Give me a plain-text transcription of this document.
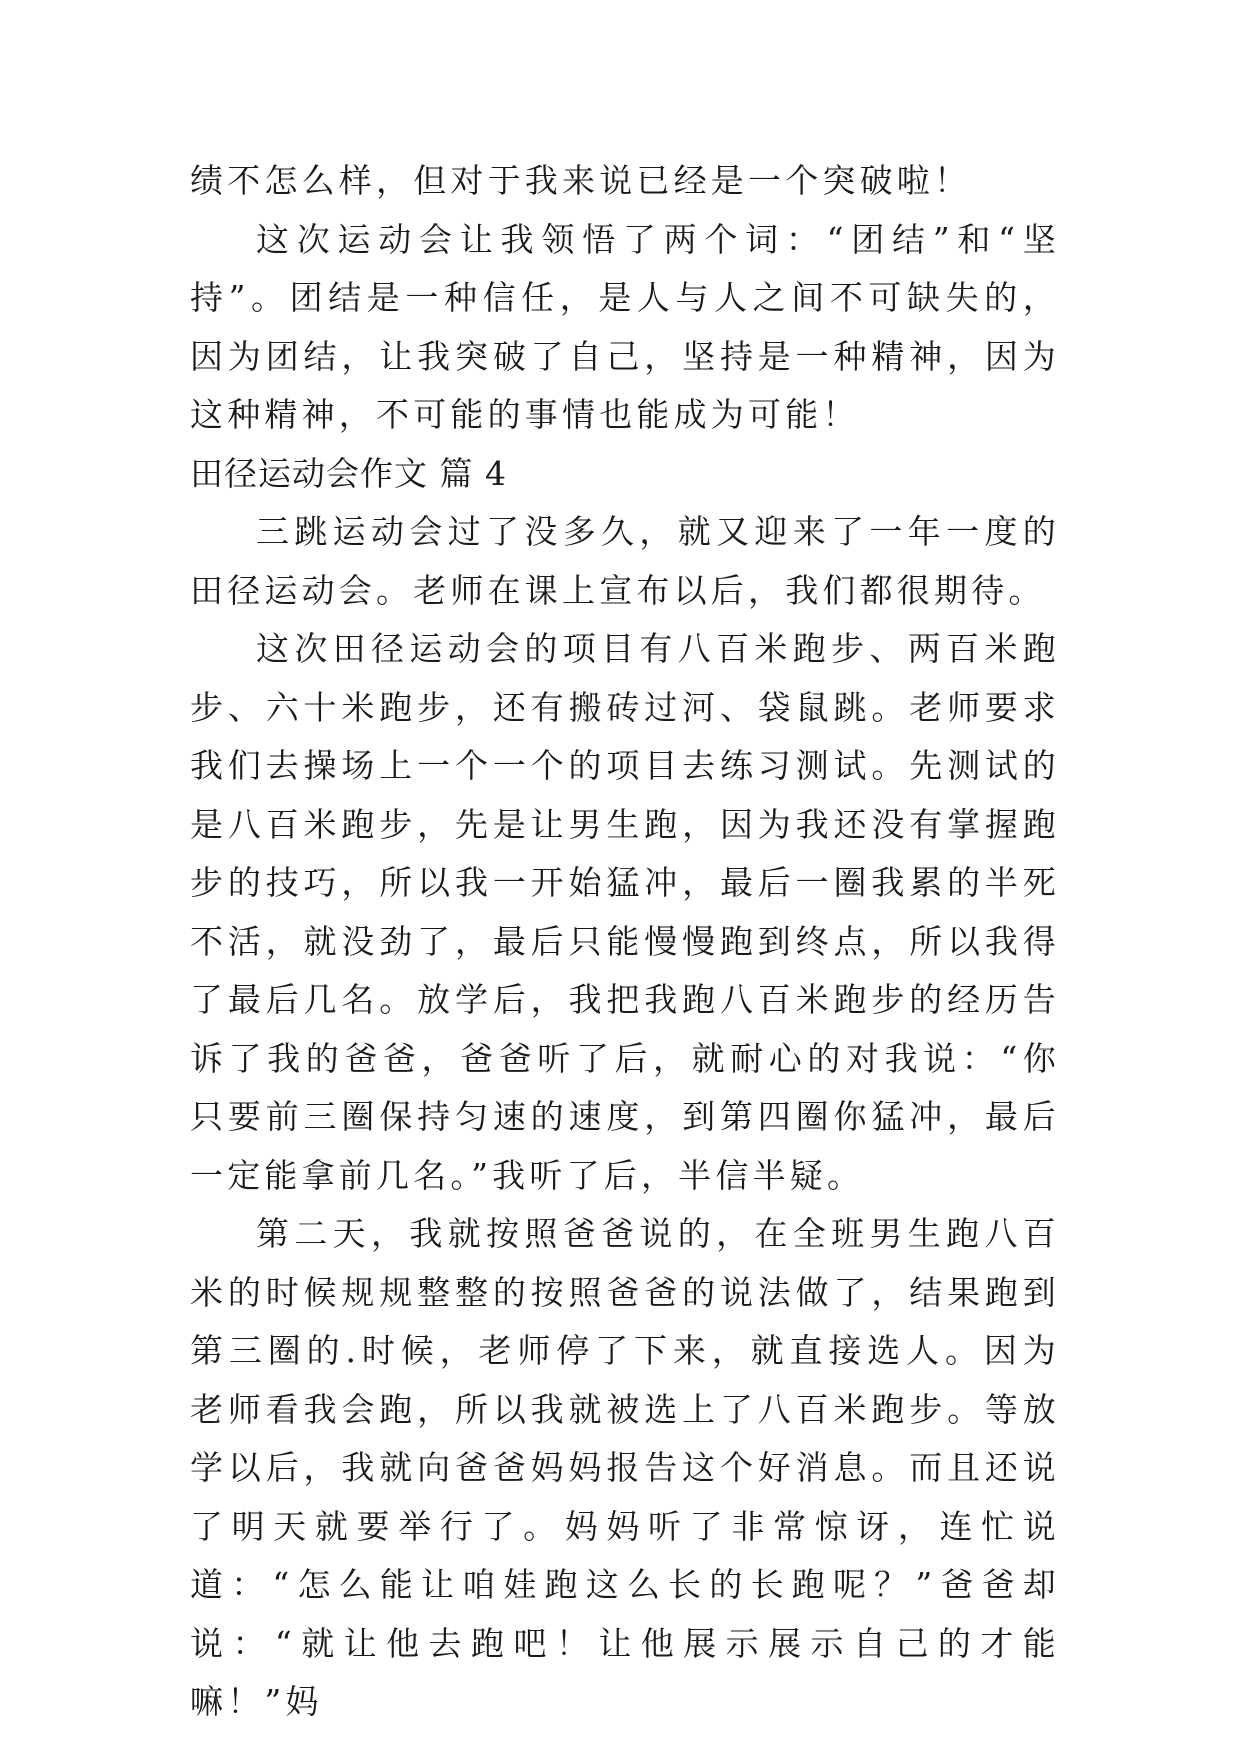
绩不怎么样，但对于我来说已经是一个突破啦！

这次运动会让我领悟了两个词：“团结”和“坚持”。团结是一种信任，是人与人之间不可缺失的，因为团结，让我突破了自己，坚持是一种精神，因为这种精神，不可能的事情也能成为可能！

田径运动会作文 篇 4

三跳运动会过了没多久，就又迎来了一年一度的田径运动会。老师在课上宣布以后，我们都很期待。

这次田径运动会的项目有八百米跑步、两百米跑步、六十米跑步，还有搬砖过河、袋鼠跳。老师要求我们去操场上一个一个的项目去练习测试。先测试的是八百米跑步，先是让男生跑，因为我还没有掌握跑步的技巧，所以我一开始猛冲，最后一圈我累的半死不活，就没劲了，最后只能慢慢跑到终点，所以我得了最后几名。放学后，我把我跑八百米跑步的经历告诉了我的爸爸，爸爸听了后，就耐心的对我说：“你只要前三圈保持匀速的速度，到第四圈你猛冲，最后一定能拿前几名。”我听了后，半信半疑。

第二天，我就按照爸爸说的，在全班男生跑八百米的时候规规整整的按照爸爸的说法做了，结果跑到第三圈的.时候，老师停了下来，就直接选人。因为老师看我会跑，所以我就被选上了八百米跑步。等放学以后，我就向爸爸妈妈报告这个好消息。而且还说了明天就要举行了。妈妈听了非常惊讶，连忙说道：“怎么能让咱娃跑这么长的长跑呢？”爸爸却说：“就让他去跑吧！让他展示展示自己的才能嘛！”妈
